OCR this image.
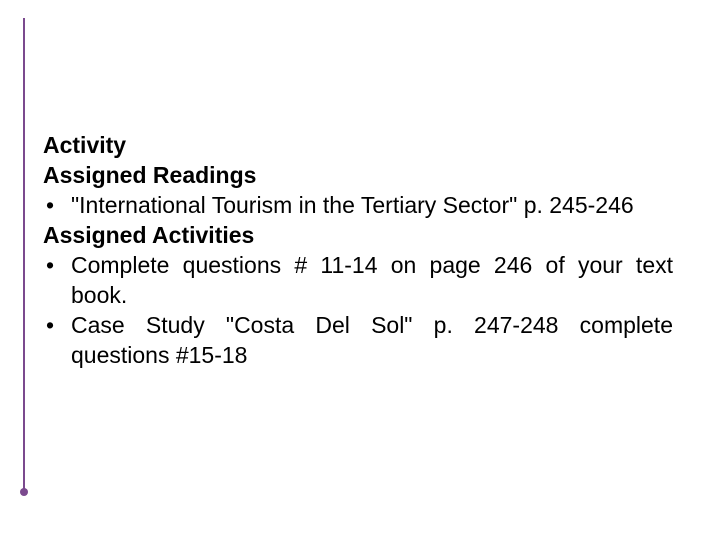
Activity
Assigned Readings
• "International Tourism in the Tertiary Sector" p. 245-246
Assigned Activities
• Complete questions # 11-14 on page 246 of your text book.
• Case Study "Costa Del Sol" p. 247-248 complete questions #15-18
